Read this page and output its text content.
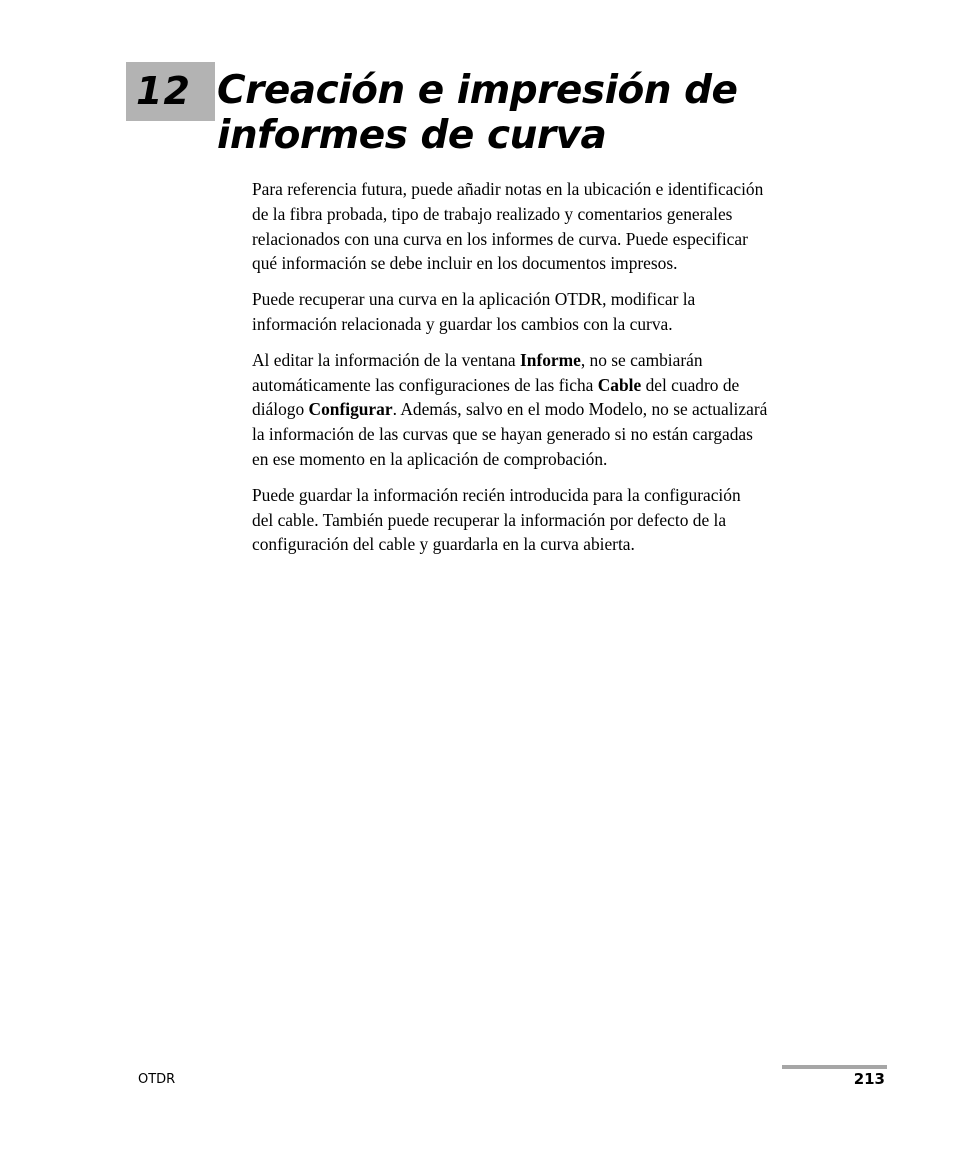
12 Creación e impresión de
informes de curva

Para referencia futura, puede añadir notas en la ubicación e identificación
de la fibra probada, tipo de trabajo realizado y comentarios generales
relacionados con una curva en los informes de curva. Puede especificar
qué información se debe incluir en los documentos impresos.

Puede recuperar una curva en la aplicación OTDR, modificar la
información relacionada y guardar los cambios con la curva.

Al editar la información de la ventana Informe, no se cambiarán
automáticamente las configuraciones de las ficha Cable del cuadro de
diálogo Configurar. Además, salvo en el modo Modelo, no se actualizará
la información de las curvas que se hayan generado si no están cargadas
en ese momento en la aplicación de comprobación.

Puede guardar la información recién introducida para la configuración
del cable. También puede recuperar la información por defecto de la
configuración del cable y guardarla en la curva abierta.

OTDR	213
